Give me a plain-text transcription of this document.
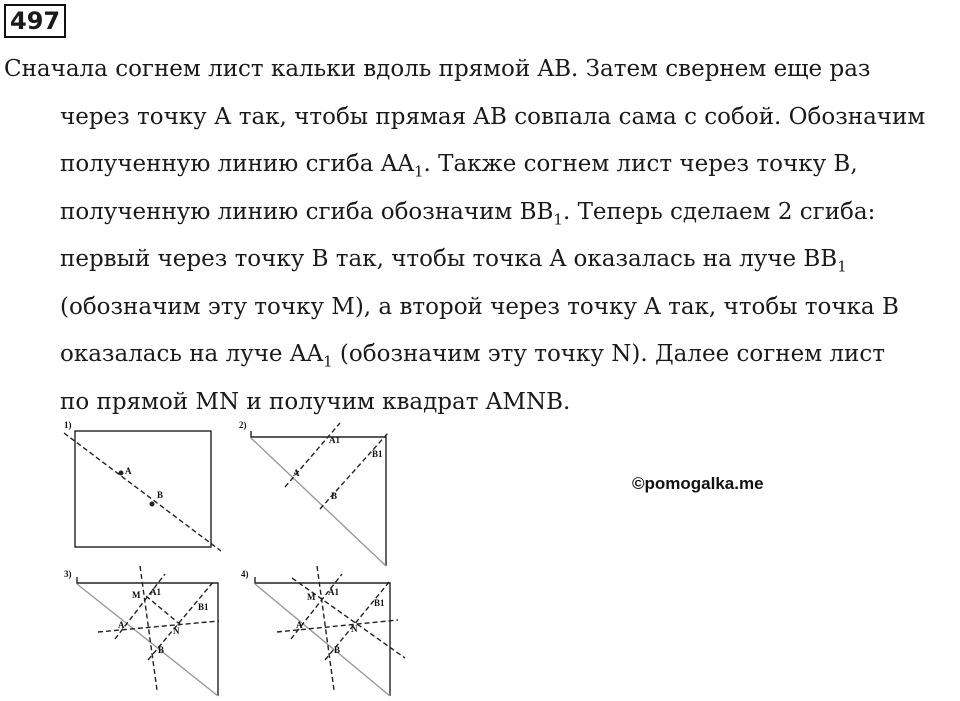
497
Сначала согнем лист кальки вдоль прямой AB. Затем свернем еще раз
через точку А так, чтобы прямая AB совпала сама с собой. Обозначим
полученную линию сгиба $AA_1$. Также согнем лист через точку B,
полученную линию сгиба обозначим $BB_1$. Теперь сделаем 2 сгиба:
первый через точку B так, чтобы точка A оказалась на луче $BB_1$
(обозначим эту точку M), а второй через точку A так, чтобы точка B
оказалась на луче $AA_1$ (обозначим эту точку N). Далее согнем лист
по прямой MN и получим квадрат AMNB.
©pomogalka.me
1)
A
B
2)
A
B
A1
B1
3)
A
B
A1
B1
M
N
4)
A
B
A1
B1
M
N
